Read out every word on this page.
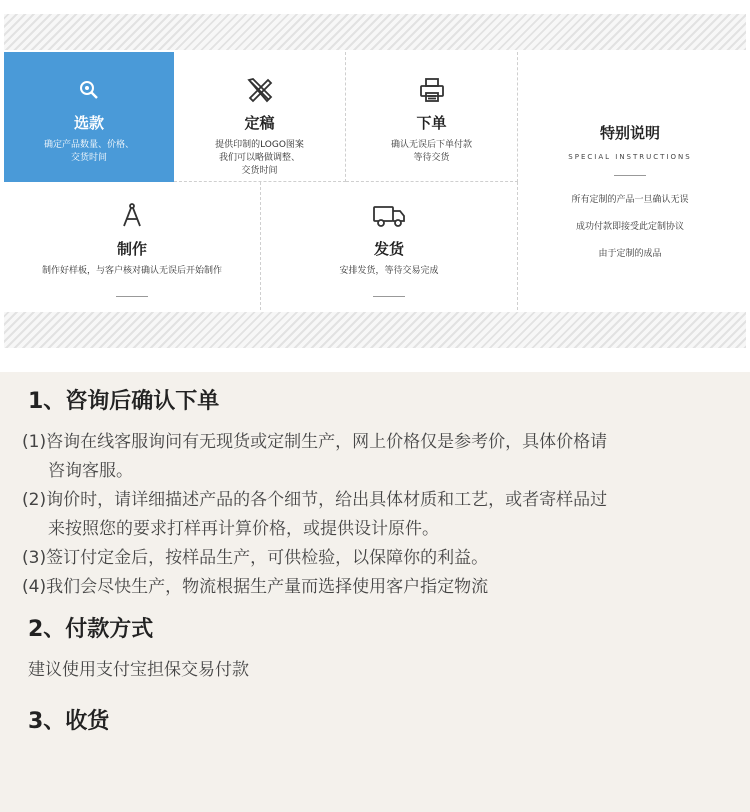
选款
确定产品数量、价格、
交货时间
定稿
提供印制的LOGO图案
我们可以略做调整、
交货时间
下单
确认无误后下单付款
等待交货
制作
制作好样板，与客户核对确认无误后开始制作
发货
安排发货，等待交易完成
特别说明
SPECIAL INSTRUCTIONS
所有定制的产品一旦确认无误
成功付款即接受此定制协议
由于定制的成品
1、咨询后确认下单
(1)咨询在线客服询问有无现货或定制生产，网上价格仅是参考价，具体价格请
咨询客服。
(2)询价时，请详细描述产品的各个细节，给出具体材质和工艺，或者寄样品过
来按照您的要求打样再计算价格，或提供设计原件。
(3)签订付定金后，按样品生产，可供检验，以保障你的利益。
(4)我们会尽快生产，物流根据生产量而选择使用客户指定物流
2、付款方式
建议使用支付宝担保交易付款
3、收货
